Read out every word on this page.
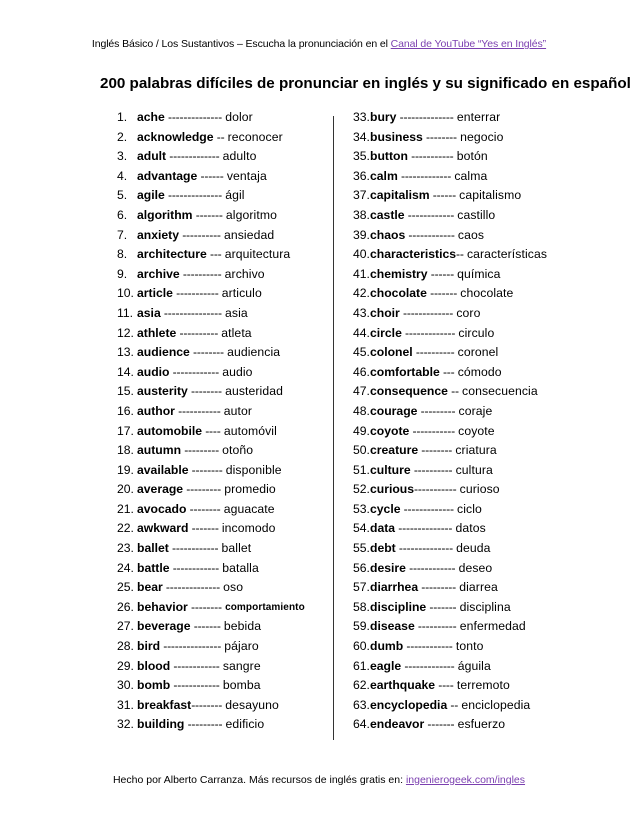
Inglés Básico / Los Sustantivos – Escucha la pronunciación en el Canal de YouTube “Yes en Inglés”
200 palabras difíciles de pronunciar en inglés y su significado en español
1. ache -------------- dolor
2. acknowledge -- reconocer
3. adult ------------- adulto
4. advantage ------ ventaja
5. agile -------------- ágil
6. algorithm ------- algoritmo
7. anxiety ---------- ansiedad
8. architecture --- arquitectura
9. archive ---------- archivo
10. article ----------- articulo
11. asia --------------- asia
12. athlete ---------- atleta
13. audience -------- audiencia
14. audio ------------ audio
15. austerity -------- austeridad
16. author ----------- autor
17. automobile ---- automóvil
18. autumn --------- otoño
19. available -------- disponible
20. average --------- promedio
21. avocado -------- aguacate
22. awkward ------- incomodo
23. ballet ------------ ballet
24. battle ------------ batalla
25. bear -------------- oso
26. behavior -------- comportamiento
27. beverage ------- bebida
28. bird --------------- pájaro
29. blood ------------ sangre
30. bomb ------------ bomba
31. breakfast -------- desayuno
32. building --------- edificio
33. bury -------------- enterrar
34. business -------- negocio
35. button ----------- botón
36. calm ------------- calma
37. capitalism ------ capitalismo
38. castle ------------ castillo
39. chaos ------------ caos
40. characteristics -- características
41. chemistry ------ química
42. chocolate ------- chocolate
43. choir ------------- coro
44. circle ------------- circulo
45. colonel ---------- coronel
46. comfortable --- cómodo
47. consequence -- consecuencia
48. courage --------- coraje
49. coyote ----------- coyote
50. creature -------- criatura
51. culture ---------- cultura
52. curious ----------- curioso
53. cycle ------------- ciclo
54. data -------------- datos
55. debt -------------- deuda
56. desire ------------ deseo
57. diarrhea --------- diarrea
58. discipline ------- disciplina
59. disease ---------- enfermedad
60. dumb ------------ tonto
61. eagle ------------- águila
62. earthquake ---- terremoto
63. encyclopedia -- enciclopedia
64. endeavor ------- esfuerzo
Hecho por Alberto Carranza. Más recursos de inglés gratis en: ingenierogeek.com/ingles
